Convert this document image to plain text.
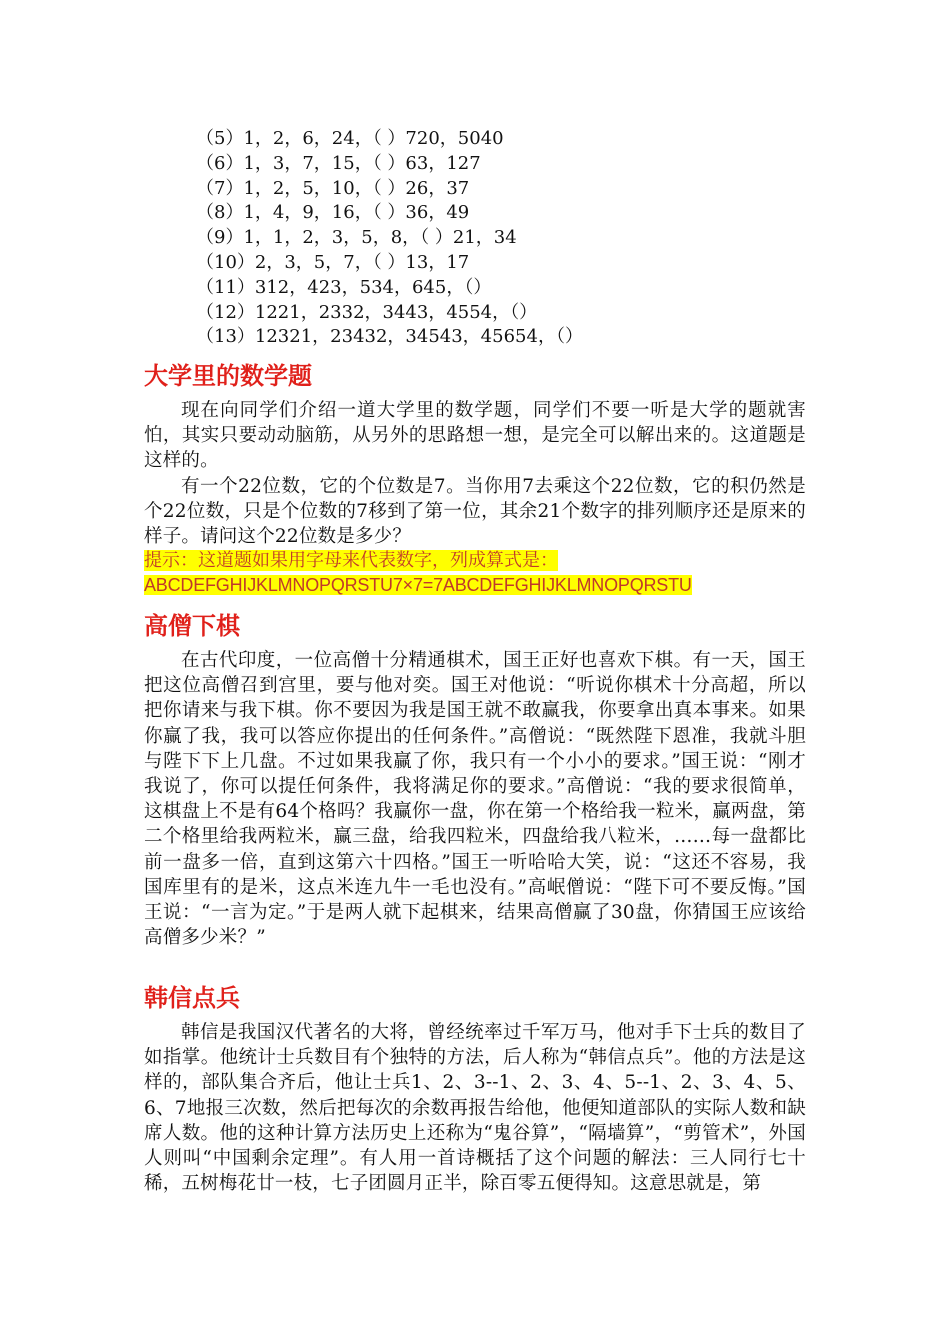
（5）1，2，6，24，（ ）720，5040
（6）1，3，7，15，（ ）63，127
（7）1，2，5，10，（ ）26，37
（8）1，4，9，16，（ ）36，49
（9）1，1，2，3，5，8，（ ）21，34
（10）2，3，5，7，（ ）13，17
（11）312，423，534，645，（）
（12）1221，2332，3443，4554，（）
（13）12321，23432，34543，45654，（）
大学里的数学题

现在向同学们介绍一道大学里的数学题，同学们不要一听是大学的题就害怕，其实只要动动脑筋，从另外的思路想一想，是完全可以解出来的。这道题是这样的。

有一个22位数，它的个位数是7。当你用7去乘这个22位数，它的积仍然是个22位数，只是个位数的7移到了第一位，其余21个数字的排列顺序还是原来的样子。请问这个22位数是多少？

提示：这道题如果用字母来代表数字，列成算式是：
ABCDEFGHIJKLMNOPQRSTU7×7=7ABCDEFGHIJKLMNOPQRSTU
高僧下棋

在古代印度，一位高僧十分精通棋术，国王正好也喜欢下棋。有一天，国王把这位高僧召到宫里，要与他对奕。国王对他说：“听说你棋术十分高超，所以把你请来与我下棋。你不要因为我是国王就不敢赢我，你要拿出真本事来。如果你赢了我，我可以答应你提出的任何条件。”高僧说：“既然陛下恩准，我就斗胆与陛下下上几盘。不过如果我赢了你，我只有一个小小的要求。”国王说：“刚才我说了，你可以提任何条件，我将满足你的要求。”高僧说：“我的要求很简单，这棋盘上不是有64个格吗？我赢你一盘，你在第一个格给我一粒米，赢两盘，第二个格里给我两粒米，赢三盘，给我四粒米，四盘给我八粒米，……每一盘都比前一盘多一倍，直到这第六十四格。”国王一听哈哈大笑，说：“这还不容易，我国库里有的是米，这点米连九牛一毛也没有。”高岷僧说：“陛下可不要反悔。”国王说：“一言为定。”于是两人就下起棋来，结果高僧赢了30盘，你猜国王应该给高僧多少米？”

韩信点兵

韩信是我国汉代著名的大将，曾经统率过千军万马，他对手下士兵的数目了如指掌。他统计士兵数目有个独特的方法，后人称为“韩信点兵”。他的方法是这样的，部队集合齐后，他让士兵1、2、3--1、2、3、4、5--1、2、3、4、5、6、7地报三次数，然后把每次的余数再报告给他，他便知道部队的实际人数和缺席人数。他的这种计算方法历史上还称为“鬼谷算”，“隔墙算”，“剪管术”，外国人则叫“中国剩余定理”。有人用一首诗概括了这个问题的解法：三人同行七十稀，五树梅花廿一枝，七子团圆月正半，除百零五便得知。这意思就是，第
